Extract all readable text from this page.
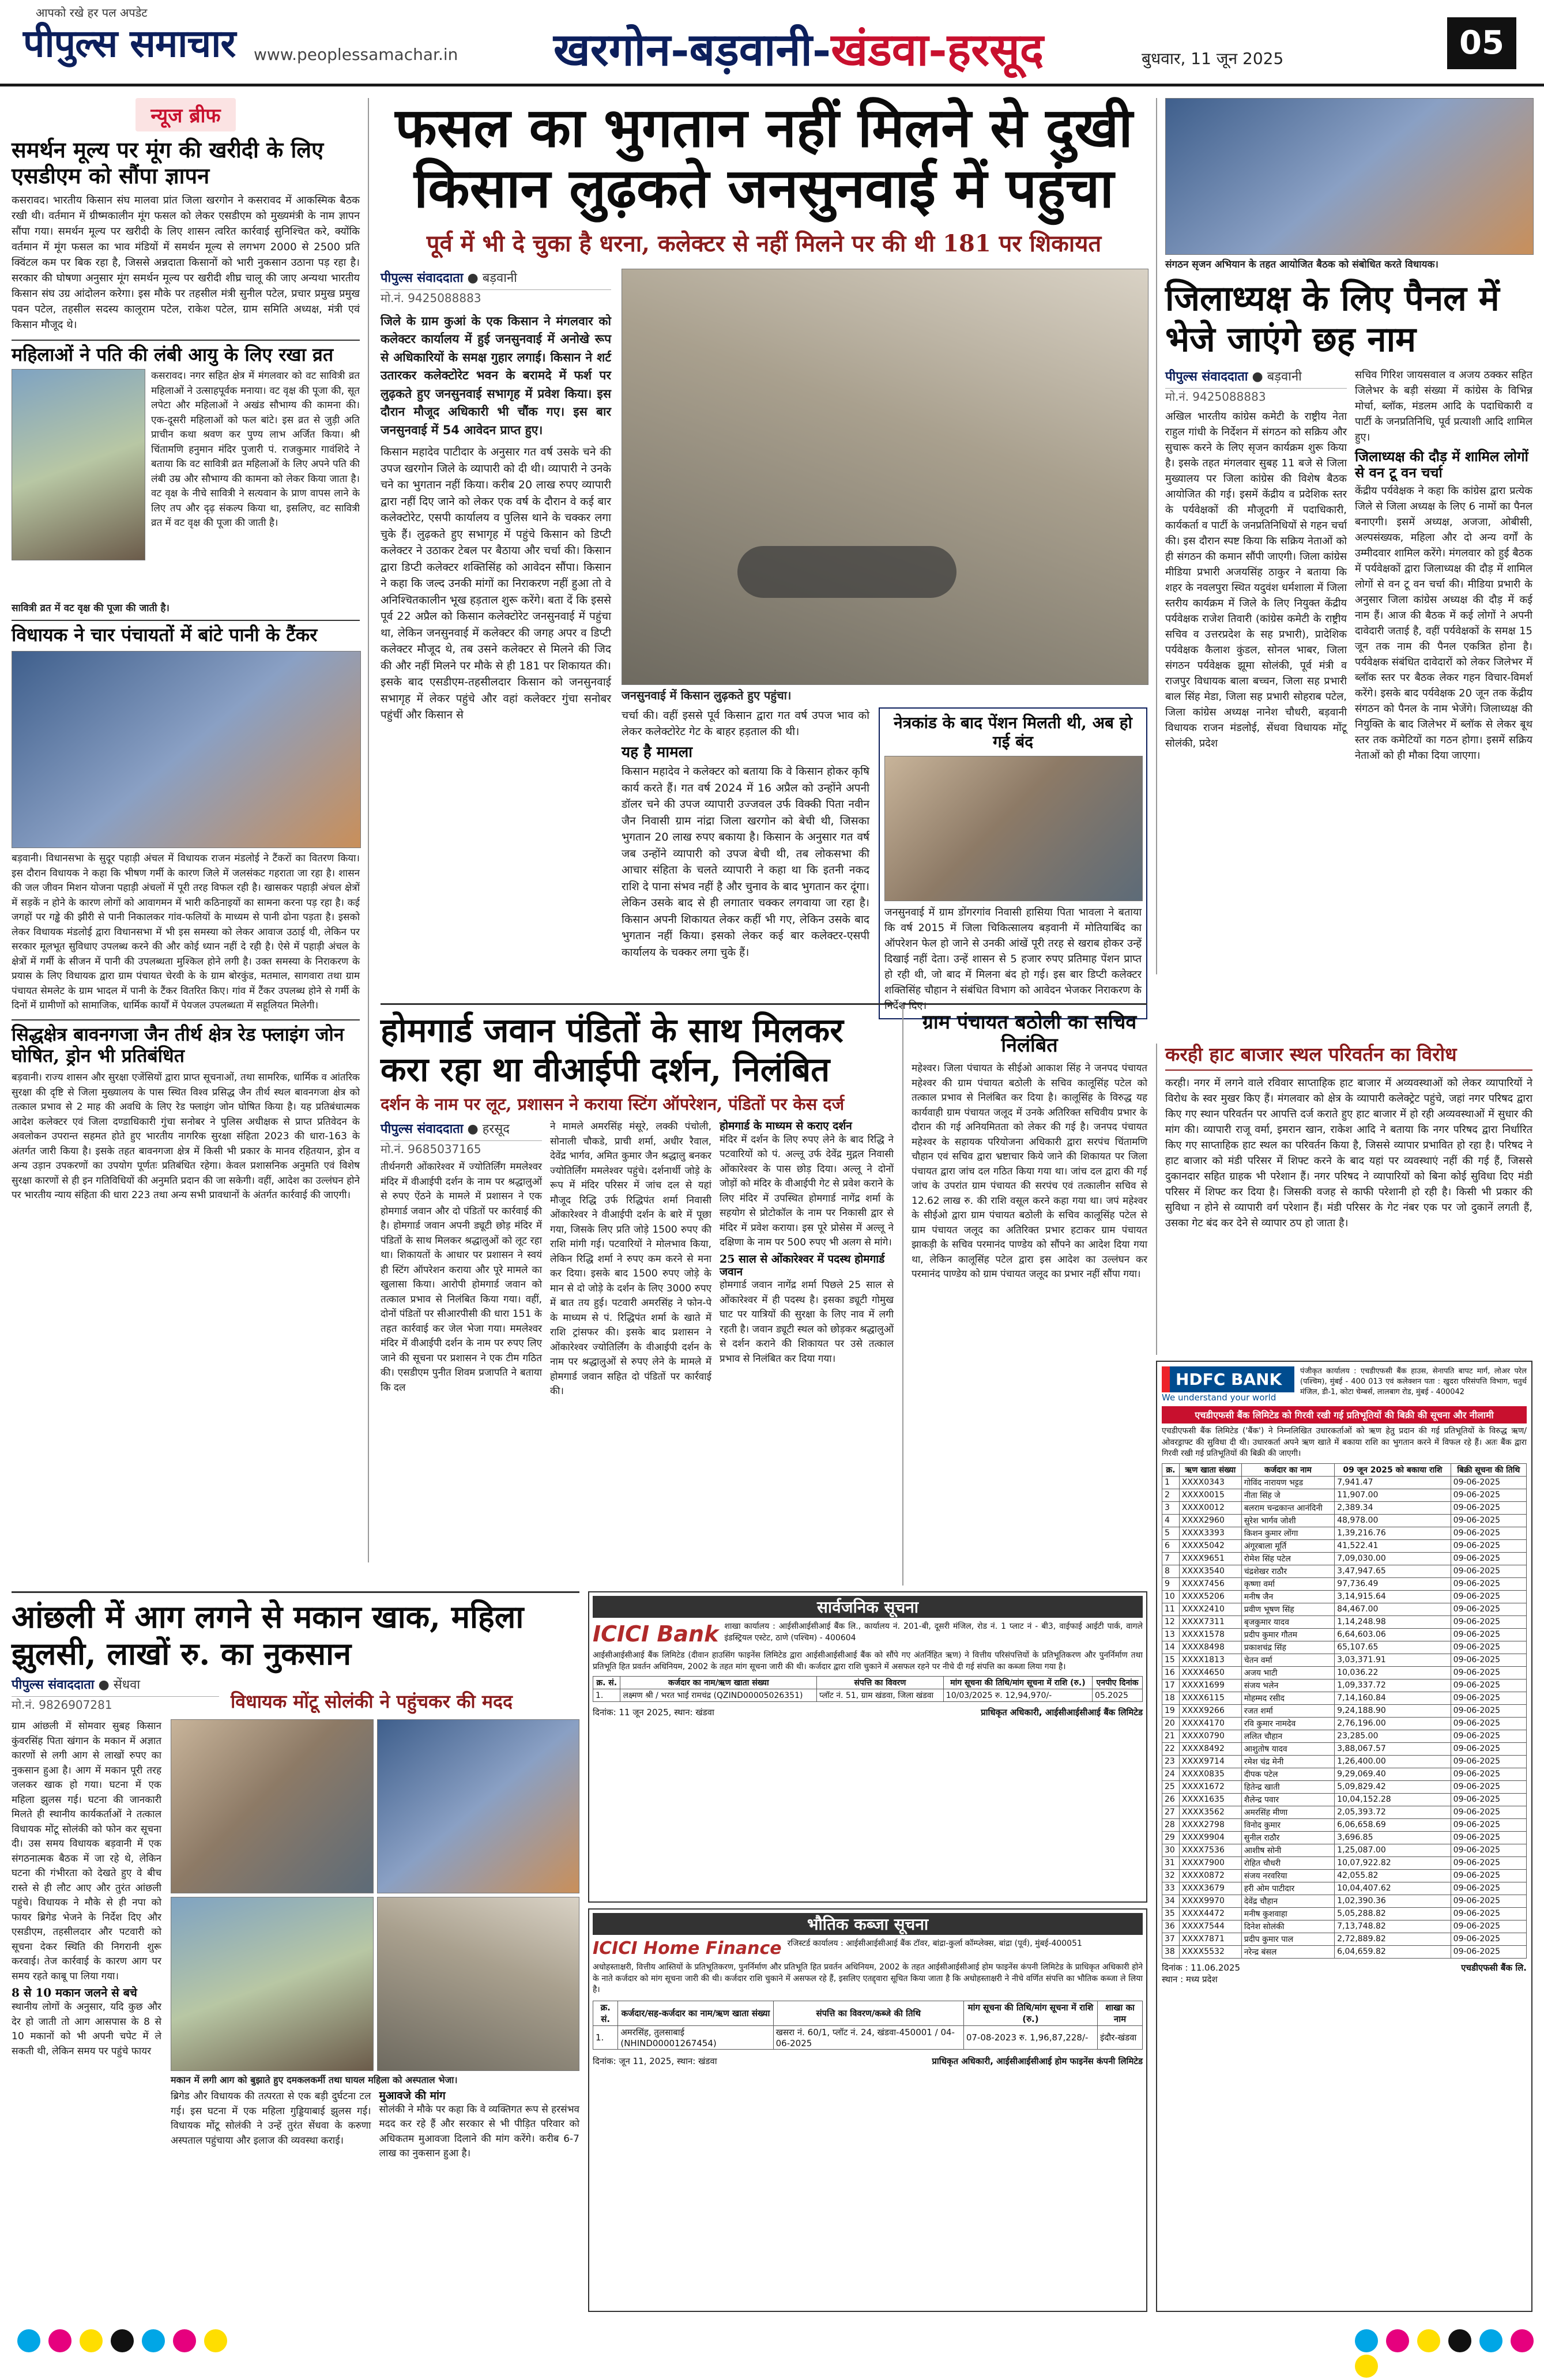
आपको रखे हर पल अपडेट
पीपुल्स समाचार www.peoplessamachar.in खरगोन-बड़वानी-खंडवा-हरसूद	बुधवार, 11 जून 2025	05
न्यूज ब्रीफ
समर्थन मूल्य पर मूंग की खरीदी के लिए एसडीएम को सौंपा ज्ञापन
कसरावद। भारतीय किसान संघ मालवा प्रांत जिला खरगोन ने कसरावद में आकस्मिक बैठक रखी थी। वर्तमान में ग्रीष्मकालीन मूंग फसल को लेकर एसडीएम को मुख्यमंत्री के नाम ज्ञापन सौंपा गया। समर्थन मूल्य पर खरीदी के लिए शासन त्वरित कार्रवाई सुनिश्चित करे, क्योंकि वर्तमान में मूंग फसल का भाव मंडियों में समर्थन मूल्य से लगभग 2000 से 2500 प्रति क्विंटल कम पर बिक रहा है, जिससे अन्नदाता किसानों को भारी नुकसान उठाना पड़ रहा है। सरकार की घोषणा अनुसार मूंग समर्थन मूल्य पर खरीदी शीघ्र चालू की जाए अन्यथा भारतीय किसान संघ उग्र आंदोलन करेगा। इस मौके पर तहसील मंत्री सुनील पटेल, प्रचार प्रमुख प्रमुख पवन पटेल, तहसील सदस्य कालूराम पटेल, राकेश पटेल, ग्राम समिति अध्यक्ष, मंत्री एवं किसान मौजूद थे।
महिलाओं ने पति की लंबी आयु के लिए रखा व्रत
कसरावद। नगर सहित क्षेत्र में मंगलवार को वट सावित्री व्रत महिलाओं ने उत्साहपूर्वक मनाया। वट वृक्ष की पूजा की, सूत लपेटा और महिलाओं ने अखंड सौभाग्य की कामना की। एक-दूसरी महिलाओं को फल बांटे। इस व्रत से जुड़ी अति प्राचीन कथा श्रवण कर पुण्य लाभ अर्जित किया। श्री चिंतामणि हनुमान मंदिर पुजारी पं. राजकुमार गावंशिदे ने बताया कि वट सावित्री व्रत महिलाओं के लिए अपने पति की लंबी उम्र और सौभाग्य की कामना को लेकर किया जाता है। वट वृक्ष के नीचे सावित्री ने सत्यवान के प्राण वापस लाने के लिए तप और दृढ़ संकल्प किया था, इसलिए, वट सावित्री व्रत में वट वृक्ष की पूजा की जाती है।
सावित्री व्रत में वट वृक्ष की पूजा की जाती है।
विधायक ने चार पंचायतों में बांटे पानी के टैंकर
बड़वानी। विधानसभा के सुदूर पहाड़ी अंचल में विधायक राजन मंडलोई ने टैंकरों का वितरण किया। इस दौरान विधायक ने कहा कि भीषण गर्मी के कारण जिले में जलसंकट गहराता जा रहा है। शासन की जल जीवन मिशन योजना पहाड़ी अंचलों में पूरी तरह विफल रही है। खासकर पहाड़ी अंचल क्षेत्रों में सड़कें न होने के कारण लोगों को आवागमन में भारी कठिनाइयों का सामना करना पड़ रहा है। कई जगहों पर गड्ढे की झीरी से पानी निकालकर गांव-फलियों के माध्यम से पानी ढोना पड़ता है। इसको लेकर विधायक मंडलोई द्वारा विधानसभा में भी इस समस्या को लेकर आवाज उठाई थी, लेकिन पर सरकार मूलभूत सुविधाए उपलब्ध करने की और कोई ध्यान नहीं दे रही है। ऐसे में पहाड़ी अंचल के क्षेत्रों में गर्मी के सीजन में पानी की उपलब्धता मुश्किल होने लगी है। उक्त समस्या के निराकरण के प्रयास के लिए विधायक द्वारा ग्राम पंचायत चेरवी के के ग्राम बोरकुंड, मतमाल, सागवारा तथा ग्राम पंचायत सेमलेट के ग्राम भादल में पानी के टैंकर वितरित किए। गांव में टैंकर उपलब्ध होने से गर्मी के दिनों में ग्रामीणों को सामाजिक, धार्मिक कार्यों में पेयजल उपलब्धता में सहूलियत मिलेगी।
सिद्धक्षेत्र बावनगजा जैन तीर्थ क्षेत्र रेड फ्लाइंग जोन घोषित, ड्रोन भी प्रतिबंधित
बड़वानी। राज्य शासन और सुरक्षा एजेंसियों द्वारा प्राप्त सूचनाओं, तथा सामरिक, धार्मिक व आंतरिक सुरक्षा की दृष्टि से जिला मुख्यालय के पास स्थित विश्व प्रसिद्ध जैन तीर्थ स्थल बावनगजा क्षेत्र को तत्काल प्रभाव से 2 माह की अवधि के लिए रेड फ्लाइंग जोन घोषित किया है। यह प्रतिबंधात्मक आदेश कलेक्टर एवं जिला दण्डाधिकारी गुंचा सनोबर ने पुलिस अधीक्षक से प्राप्त प्रतिवेदन के अवलोकन उपरान्त सहमत होते हुए भारतीय नागरिक सुरक्षा संहिता 2023 की धारा-163 के अंतर्गत जारी किया है। इसके तहत बावनगजा क्षेत्र में किसी भी प्रकार के मानव रहितयान, ड्रोन व अन्य उड़ान उपकरणों का उपयोग पूर्णतः प्रतिबंधित रहेगा। केवल प्रशासनिक अनुमति एवं विशेष सुरक्षा कारणों से ही इन गतिविधियों की अनुमति प्रदान की जा सकेगी। वहीं, आदेश का उल्लंघन होने पर भारतीय न्याय संहिता की धारा 223 तथा अन्य सभी प्रावधानों के अंतर्गत कार्रवाई की जाएगी।
फसल का भुगतान नहीं मिलने से दुखी किसान लुढ़कते जनसुनवाई में पहुंचा
पूर्व में भी दे चुका है धरना, कलेक्टर से नहीं मिलने पर की थी 181 पर शिकायत
पीपुल्स संवाददाता ● बड़वानी
मो.नं. 9425088883
जिले के ग्राम कुआं के एक किसान ने मंगलवार को कलेक्टर कार्यालय में हुई जनसुनवाई में अनोखे रूप से अधिकारियों के समक्ष गुहार लगाई। किसान ने शर्ट उतारकर कलेक्टोरेट भवन के बरामदे में फर्श पर लुढ़कते हुए जनसुनवाई सभागृह में प्रवेश किया। इस दौरान मौजूद अधिकारी भी चौंक गए। इस बार जनसुनवाई में 54 आवेदन प्राप्त हुए।
किसान महादेव पाटीदार के अनुसार गत वर्ष उसके चने की उपज खरगोन जिले के व्यापारी को दी थी। व्यापारी ने उनके चने का भुगतान नहीं किया। करीब 20 लाख रुपए व्यापारी द्वारा नहीं दिए जाने को लेकर एक वर्ष के दौरान वे कई बार कलेक्टोरेट, एसपी कार्यालय व पुलिस थाने के चक्कर लगा चुके हैं। लुढ़कते हुए सभागृह में पहुंचे किसान को डिप्टी कलेक्टर ने उठाकर टेबल पर बैठाया और चर्चा की। किसान द्वारा डिप्टी कलेक्टर शक्तिसिंह को आवेदन सौंपा। किसान ने कहा कि जल्द उनकी मांगों का निराकरण नहीं हुआ तो वे अनिश्चितकालीन भूख हड़ताल शुरू करेंगे। बता दें कि इससे पूर्व 22 अप्रैल को किसान कलेक्टोरेट जनसुनवाई में पहुंचा था, लेकिन जनसुनवाई में कलेक्टर की जगह अपर व डिप्टी कलेक्टर मौजूद थे, तब उसने कलेक्टर से मिलने की जिद की और नहीं मिलने पर मौके से ही 181 पर शिकायत की। इसके बाद एसडीएम-तहसीलदार किसान को जनसुनवाई सभागृह में लेकर पहुंचे और वहां कलेक्टर गुंचा सनोबर पहुंचीं और किसान से
जनसुनवाई में किसान लुढ़कते हुए पहुंचा।
चर्चा की। वहीं इससे पूर्व किसान द्वारा गत वर्ष उपज भाव को लेकर कलेक्टोरेट गेट के बाहर हड़ताल की थी।
यह है मामला
किसान महादेव ने कलेक्टर को बताया कि वे किसान होकर कृषि कार्य करते हैं। गत वर्ष 2024 में 16 अप्रैल को उन्होंने अपनी डॉलर चने की उपज व्यापारी उज्जवल उर्फ विक्की पिता नवीन जैन निवासी ग्राम नांद्रा जिला खरगोन को बेची थी, जिसका भुगतान 20 लाख रुपए बकाया है। किसान के अनुसार गत वर्ष जब उन्होंने व्यापारी को उपज बेची थी, तब लोकसभा की आचार संहिता के चलते व्यापारी ने कहा था कि इतनी नकद राशि दे पाना संभव नहीं है और चुनाव के बाद भुगतान कर दूंगा। लेकिन उसके बाद से ही लगातार चक्कर लगवाया जा रहा है। किसान अपनी शिकायत लेकर कहीं भी गए, लेकिन उसके बाद भुगतान नहीं किया। इसको लेकर कई बार कलेक्टर-एसपी कार्यालय के चक्कर लगा चुके हैं।
नेत्रकांड के बाद पेंशन मिलती थी, अब हो गई बंद
जनसुनवाई में ग्राम डोंगरगांव निवासी हासिया पिता भावला ने बताया कि वर्ष 2015 में जिला चिकित्सालय बड़वानी में मोतियाबिंद का ऑपरेशन फेल हो जाने से उनकी आंखें पूरी तरह से खराब होकर उन्हें दिखाई नहीं देता। उन्हें शासन से 5 हजार रुपए प्रतिमाह पेंशन प्राप्त हो रही थी, जो बाद में मिलना बंद हो गई। इस बार डिप्टी कलेक्टर शक्तिसिंह चौहान ने संबंधित विभाग को आवेदन भेजकर निराकरण के निर्देश दिए।
संगठन सृजन अभियान के तहत आयोजित बैठक को संबोधित करते विधायक।
जिलाध्यक्ष के लिए पैनल में भेजे जाएंगे छह नाम
पीपुल्स संवाददाता ● बड़वानी
मो.नं. 9425088883
अखिल भारतीय कांग्रेस कमेटी के राष्ट्रीय नेता राहुल गांधी के निर्देशन में संगठन को सक्रिय और सुचारू करने के लिए सृजन कार्यक्रम शुरू किया है। इसके तहत मंगलवार सुबह 11 बजे से जिला मुख्यालय पर जिला कांग्रेस की विशेष बैठक आयोजित की गई। इसमें केंद्रीय व प्रदेशिक स्तर के पर्यवेक्षकों की मौजूदगी में पदाधिकारी, कार्यकर्ता व पार्टी के जनप्रतिनिधियों से गहन चर्चा की। इस दौरान स्पष्ट किया कि सक्रिय नेताओं को ही संगठन की कमान सौंपी जाएगी। जिला कांग्रेस मीडिया प्रभारी अजयसिंह ठाकुर ने बताया कि शहर के नवलपुरा स्थित यदुवंश धर्मशाला में जिला स्तरीय कार्यक्रम में जिले के लिए नियुक्त केंद्रीय पर्यवेक्षक राजेश तिवारी (कांग्रेस कमेटी के राष्ट्रीय सचिव व उत्तरप्रदेश के सह प्रभारी), प्रादेशिक पर्यवेक्षक कैलाश कुंडल, सोनल भाबर, जिला संगठन पर्यवेक्षक झूमा सोलंकी, पूर्व मंत्री व राजपुर विधायक बाला बच्चन, जिला सह प्रभारी बाल सिंह मेडा, जिला सह प्रभारी सोहराब पटेल, जिला कांग्रेस अध्यक्ष नानेश चौधरी, बड़वानी विधायक राजन मंडलोई, सेंधवा विधायक मोंटू सोलंकी, प्रदेश
सचिव गिरिश जायसवाल व अजय ठक्कर सहित जिलेभर के बड़ी संख्या में कांग्रेस के विभिन्न मोर्चा, ब्लॉक, मंडलम आदि के पदाधिकारी व पार्टी के जनप्रतिनिधि, पूर्व प्रत्याशी आदि शामिल हुए।
जिलाध्यक्ष की दौड़ में शामिल लोगों से वन टू वन चर्चा
केंद्रीय पर्यवेक्षक ने कहा कि कांग्रेस द्वारा प्रत्येक जिले से जिला अध्यक्ष के लिए 6 नामों का पैनल बनाएगी। इसमें अध्यक्ष, अजजा, ओबीसी, अल्पसंख्यक, महिला और दो अन्य वर्गों के उम्मीदवार शामिल करेंगे। मंगलवार को हुई बैठक में पर्यवेक्षकों द्वारा जिलाध्यक्ष की दौड़ में शामिल लोगों से वन टू वन चर्चा की। मीडिया प्रभारी के अनुसार जिला कांग्रेस अध्यक्ष की दौड़ में कई नाम हैं। आज की बैठक में कई लोगों ने अपनी दावेदारी जताई है, वहीं पर्यवेक्षकों के समक्ष 15 जून तक नाम की पैनल एकत्रित होना है। पर्यवेक्षक संबंधित दावेदारों को लेकर जिलेभर में ब्लॉक स्तर पर बैठक लेकर गहन विचार-विमर्श करेंगे। इसके बाद पर्यवेक्षक 20 जून तक केंद्रीय संगठन को पैनल के नाम भेजेंगे। जिलाध्यक्ष की नियुक्ति के बाद जिलेभर में ब्लॉक से लेकर बूथ स्तर तक कमेटियों का गठन होगा। इसमें सक्रिय नेताओं को ही मौका दिया जाएगा।
होमगार्ड जवान पंडितों के साथ मिलकर करा रहा था वीआईपी दर्शन, निलंबित
दर्शन के नाम पर लूट, प्रशासन ने कराया स्टिंग ऑपरेशन, पंडितों पर केस दर्ज
पीपुल्स संवाददाता ● हरसूद
मो.नं. 9685037165
तीर्थनगरी ओंकारेश्वर में ज्योतिर्लिंग ममलेश्वर मंदिर में वीआईपी दर्शन के नाम पर श्रद्धालुओं से रुपए ऐंठने के मामले में प्रशासन ने एक होमगार्ड जवान और दो पंडितों पर कार्रवाई की है। होमगार्ड जवान अपनी ड्यूटी छोड़ मंदिर में पंडितों के साथ मिलकर श्रद्धालुओं को लूट रहा था। शिकायतों के आधार पर प्रशासन ने स्वयं ही स्टिंग ऑपरेशन कराया और पूरे मामले का खुलासा किया। आरोपी होमगार्ड जवान को तत्काल प्रभाव से निलंबित किया गया। वहीं, दोनों पंडितों पर सीआरपीसी की धारा 151 के तहत कार्रवाई कर जेल भेजा गया। ममलेश्वर मंदिर में वीआईपी दर्शन के नाम पर रुपए लिए जाने की सूचना पर प्रशासन ने एक टीम गठित की। एसडीएम पुनीत शिवम प्रजापति ने बताया कि दल
ने मामले अमरसिंह मंसूरे, लक्की पंचोली, सोनाली चौकडे, प्राची शर्मा, अधीर रैवाल, देवेंद्र भार्गव, अमित कुमार जैन श्रद्धालु बनकर ज्योतिर्लिंग ममलेश्वर पहुंचे। दर्शनार्थी जोड़े के रूप में मंदिर परिसर में जांच दल से यहां मौजूद रिद्धि उर्फ रिद्धिपंत शर्मा निवासी ओंकारेश्वर ने वीआईपी दर्शन के बारे में पूछा गया, जिसके लिए प्रति जोड़े 1500 रुपए की राशि मांगी गई। पटवारियों ने मोलभाव किया, लेकिन रिद्धि शर्मा ने रुपए कम करने से मना कर दिया। इसके बाद 1500 रुपए जोड़े के मान से दो जोड़े के दर्शन के लिए 3000 रुपए में बात तय हुई। पटवारी अमरसिंह ने फोन-पे के माध्यम से पं. रिद्धिपंत शर्मा के खाते में राशि ट्रांसफर की। इसके बाद प्रशासन ने ओंकारेश्वर ज्योतिर्लिंग के वीआईपी दर्शन के नाम पर श्रद्धालुओं से रुपए लेने के मामले में होमगार्ड जवान सहित दो पंडितों पर कार्रवाई की।
होमगार्ड के माध्यम से कराए दर्शन
मंदिर में दर्शन के लिए रुपए लेने के बाद रिद्धि ने पटवारियों को पं. अल्लू उर्फ देवेंद्र मुद्गल निवासी ओंकारेश्वर के पास छोड़ दिया। अल्लू ने दोनों जोड़ों को मंदिर के वीआईपी गेट से प्रवेश कराने के लिए मंदिर में उपस्थित होमगार्ड नागेंद्र शर्मा के सहयोग से प्रोटोकॉल के नाम पर निकासी द्वार से मंदिर में प्रवेश कराया। इस पूरे प्रोसेस में अल्लू ने दक्षिणा के नाम पर 500 रुपए भी अलग से मांगे।
25 साल से ओंकारेश्वर में पदस्थ होमगार्ड जवान
होमगार्ड जवान नागेंद्र शर्मा पिछले 25 साल से ओंकारेश्वर में ही पदस्थ है। इसका ड्यूटी गोमुख घाट पर यात्रियों की सुरक्षा के लिए नाव में लगी रहती है। जवान ड्यूटी स्थल को छोड़कर श्रद्धालुओं से दर्शन कराने की शिकायत पर उसे तत्काल प्रभाव से निलंबित कर दिया गया।
ग्राम पंचायत बठोली का सचिव निलंबित
महेश्वर। जिला पंचायत के सीईओ आकाश सिंह ने जनपद पंचायत महेश्वर की ग्राम पंचायत बठोली के सचिव कालूसिंह पटेल को तत्काल प्रभाव से निलंबित कर दिया है। कालूसिंह के विरुद्ध यह कार्यवाही ग्राम पंचायत जलूद में उनके अतिरिक्त सचिवीय प्रभार के दौरान की गई अनियमितता को लेकर की गई है। जनपद पंचायत महेश्वर के सहायक परियोजना अधिकारी द्वारा सरपंच चिंतामणि चौहान एवं सचिव द्वारा भ्रष्टाचार किये जाने की शिकायत पर जिला पंचायत द्वारा जांच दल गठित किया गया था। जांच दल द्वारा की गई जांच के उपरांत ग्राम पंचायत की सरपंच एवं तत्कालीन सचिव से 12.62 लाख रु. की राशि वसूल करने कहा गया था। जपं महेश्वर के सीईओ द्वारा ग्राम पंचायत बठोली के सचिव कालूसिंह पटेल से ग्राम पंचायत जलूद का अतिरिक्त प्रभार हटाकर ग्राम पंचायत झाकड़ी के सचिव परमानंद पाण्डेय को सौंपने का आदेश दिया गया था, लेकिन कालूसिंह पटेल द्वारा इस आदेश का उल्लंघन कर परमानंद पाण्डेय को ग्राम पंचायत जलूद का प्रभार नहीं सौंपा गया।
करही हाट बाजार स्थल परिवर्तन का विरोध
करही। नगर में लगने वाले रविवार साप्ताहिक हाट बाजार में अव्यवस्थाओं को लेकर व्यापारियों ने विरोध के स्वर मुखर किए हैं। मंगलवार को क्षेत्र के व्यापारी कलेक्ट्रेट पहुंचे, जहां नगर परिषद द्वारा किए गए स्थान परिवर्तन पर आपत्ति दर्ज कराते हुए हाट बाजार में हो रही अव्यवस्थाओं में सुधार की मांग की। व्यापारी राजू वर्मा, इमरान खान, राकेश आदि ने बताया कि नगर परिषद द्वारा निर्धारित किए गए साप्ताहिक हाट स्थल का परिवर्तन किया है, जिससे व्यापार प्रभावित हो रहा है। परिषद ने हाट बाजार को मंडी परिसर में शिफ्ट करने के बाद यहां पर व्यवस्थाएं नहीं की गई हैं, जिससे दुकानदार सहित ग्राहक भी परेशान हैं। नगर परिषद ने व्यापारियों को बिना कोई सुविधा दिए मंडी परिसर में शिफ्ट कर दिया है। जिसकी वजह से काफी परेशानी हो रही है। किसी भी प्रकार की सुविधा न होने से व्यापारी वर्ग परेशान हैं। मंडी परिसर के गेट नंबर एक पर जो दुकानें लगती हैं, उसका गेट बंद कर देने से व्यापार ठप हो जाता है।
HDFC BANK
We understand your world
पंजीकृत कार्यालय : एचडीएफसी बैंक हाउस, सेनापति बापट मार्ग, लोअर परेल (पश्चिम), मुंबई - 400 013 एवं कलेक्शन पता : खुदरा परिसंपत्ति विभाग, चतुर्थ मंजिल, डी-1, कोटा चेम्बर्स, लालबाग रोड, मुंबई - 400042
एचडीएफसी बैंक लिमिटेड को गिरवी रखी गई प्रतिभूतियों की बिक्री की सूचना और नीलामी
एचडीएफसी बैंक लिमिटेड ('बैंक') ने निम्नलिखित उधारकर्ताओं को ऋण हेतु प्रदान की गई प्रतिभूतियों के विरुद्ध ऋण/ओवरड्राफ्ट की सुविधा दी थी। उधारकर्ता अपने ऋण खाते में बकाया राशि का भुगतान करने में विफल रहे हैं। अतः बैंक द्वारा गिरवी रखी गई प्रतिभूतियों की बिक्री की जाएगी।
क्र.	ऋण खाता संख्या	कर्जदार का नाम	09 जून 2025 को बकाया राशि	बिक्री सूचना की तिथि
1	XXXX0343	गोविंद नारायण भट्टड	7,941.47	09-06-2025
2	XXXX0015	नीता सिंह जे	11,907.00	09-06-2025
3	XXXX0012	बलराम चन्द्रकान्त आनंदिनी	2,389.34	09-06-2025
4	XXXX2960	सुरेश भार्गव जोशी	48,978.00	09-06-2025
5	XXXX3393	किशन कुमार लोंगा	1,39,216.76	09-06-2025
6	XXXX5042	अंगूरबाला मूर्ति	41,522.41	09-06-2025
7	XXXX9651	रोमेश सिंह पटेल	7,09,030.00	09-06-2025
8	XXXX3540	चंद्रशेखर राठौर	3,47,947.65	09-06-2025
9	XXXX7456	कृष्णा वर्मा	97,736.49	09-06-2025
10	XXXX5206	मनीष जैन	3,14,915.64	09-06-2025
11	XXXX2410	प्रवीण भूषण सिंह	84,467.00	09-06-2025
12	XXXX7311	बृजकुमार यादव	1,14,248.98	09-06-2025
13	XXXX1578	प्रदीप कुमार गौतम	6,64,603.06	09-06-2025
14	XXXX8498	प्रकाशचंद्र सिंह	65,107.65	09-06-2025
15	XXXX1813	चेतन वर्मा	3,03,371.91	09-06-2025
16	XXXX4650	अजय भाटी	10,036.22	09-06-2025
17	XXXX1699	संजय भलेन	1,09,337.72	09-06-2025
18	XXXX6115	मोहम्मद रसीद	7,14,160.84	09-06-2025
19	XXXX9266	रजत शर्मा	9,24,188.90	09-06-2025
20	XXXX4170	रवि कुमार नामदेव	2,76,196.00	09-06-2025
21	XXXX0790	ललित चौहान	23,285.00	09-06-2025
22	XXXX8492	आशुतोष यादव	3,88,067.57	09-06-2025
23	XXXX9714	रमेश चंद्र मेनी	1,26,400.00	09-06-2025
24	XXXX0835	दीपक पटेल	9,29,069.40	09-06-2025
25	XXXX1672	हितेन्द्र खाती	5,09,829.42	09-06-2025
26	XXXX1635	शैलेन्द्र पवार	10,04,152.28	09-06-2025
27	XXXX3562	अमरसिंह मीणा	2,05,393.72	09-06-2025
28	XXXX2798	विनोद कुमार	6,06,658.69	09-06-2025
29	XXXX9904	सुनील राठौर	3,696.85	09-06-2025
30	XXXX7536	आशीष सोनी	1,25,087.00	09-06-2025
31	XXXX7900	रोहित चौधरी	10,07,922.82	09-06-2025
32	XXXX0872	संजय नरवरिया	42,055.82	09-06-2025
33	XXXX3679	हरी ओम पाटीदार	10,04,407.62	09-06-2025
34	XXXX9970	देवेंद्र चौहान	1,02,390.36	09-06-2025
35	XXXX4472	मनीष कुशवाहा	5,05,288.82	09-06-2025
36	XXXX7544	दिनेश सोलंकी	7,13,748.82	09-06-2025
37	XXXX7871	प्रदीप कुमार पाल	2,72,889.82	09-06-2025
38	XXXX5532	नरेन्द्र बंसल	6,04,659.82	09-06-2025
दिनांक : 11.06.2025
स्थान : मध्य प्रदेश
एचडीएफसी बैंक लि.
आंछली में आग लगने से मकान खाक, महिला झुलसी, लाखों रु. का नुकसान
पीपुल्स संवाददाता ● सेंधवा
मो.नं. 9826907281	विधायक मोंटू सोलंकी ने पहुंचकर की मदद
ग्राम आंछली में सोमवार सुबह किसान कुंवरसिंह पिता खंगान के मकान में अज्ञात कारणों से लगी आग से लाखों रुपए का नुकसान हुआ है। आग में मकान पूरी तरह जलकर खाक हो गया। घटना में एक महिला झुलस गई। घटना की जानकारी मिलते ही स्थानीय कार्यकर्ताओं ने तत्काल विधायक मोंटू सोलंकी को फोन कर सूचना दी। उस समय विधायक बड़वानी में एक संगठनात्मक बैठक में जा रहे थे, लेकिन घटना की गंभीरता को देखते हुए वे बीच रास्ते से ही लौट आए और तुरंत आंछली पहुंचे। विधायक ने मौके से ही नपा को फायर ब्रिगेड भेजने के निर्देश दिए और एसडीएम, तहसीलदार और पटवारी को सूचना देकर स्थिति की निगरानी शुरू करवाई। तेज कार्रवाई के कारण आग पर समय रहते काबू पा लिया गया।
8 से 10 मकान जलने से बचे
स्थानीय लोगों के अनुसार, यदि कुछ और देर हो जाती तो आग आसपास के 8 से 10 मकानों को भी अपनी चपेट में ले सकती थी, लेकिन समय पर पहुंचे फायर
मकान में लगी आग को बुझाते हुए दमकलकर्मी तथा घायल महिला को अस्पताल भेजा।
ब्रिगेड और विधायक की तत्परता से एक बड़ी दुर्घटना टल गई। इस घटना में एक महिला गुड्डियाबाई झुलस गई। विधायक मोंटू सोलंकी ने उन्हें तुरंत सेंधवा के करुणा अस्पताल पहुंचाया और इलाज की व्यवस्था कराई।
मुआवजे की मांग
सोलंकी ने मौके पर कहा कि वे व्यक्तिगत रूप से हरसंभव मदद कर रहे हैं और सरकार से भी पीड़ित परिवार को अधिकतम मुआवजा दिलाने की मांग करेंगे। करीब 6-7 लाख का नुकसान हुआ है।
सार्वजनिक सूचना
ICICI Bank शाखा कार्यालय : आईसीआईसीआई बैंक लि., कार्यालय नं. 201-बी, दूसरी मंजिल, रोड नं. 1 प्लाट नं - बी3, वाईफाई आईटी पार्क, वागले इंडस्ट्रियल एस्टेट, ठाणे (पश्चिम) - 400604
आईसीआईसीआई बैंक लिमिटेड (दीवान हाउसिंग फाइनेंस लिमिटेड द्वारा आईसीआईसीआई बैंक को सौंपे गए अंतर्निहित ऋण) ने वित्तीय परिसंपत्तियों के प्रतिभूतिकरण और पुनर्निर्माण तथा प्रतिभूति हित प्रवर्तन अधिनियम, 2002 के तहत मांग सूचना जारी की थी। कर्जदार द्वारा राशि चुकाने में असफल रहने पर नीचे दी गई संपत्ति का कब्जा लिया गया है।
क्र. सं.	कर्जदार का नाम/ऋण खाता संख्या	संपत्ति का विवरण	मांग सूचना की तिथि/मांग सूचना में राशि (रु.)	एनपीए दिनांक
1.	लक्ष्मण श्री / भरत भाई रामचंद्र (QZIND00005026351)	प्लॉट नं. 51, ग्राम खंडवा, जिला खंडवा	10/03/2025 रु. 12,94,970/-	05.2025
दिनांक: 11 जून 2025, स्थान: खंडवा	प्राधिकृत अधिकारी, आईसीआईसीआई बैंक लिमिटेड
भौतिक कब्जा सूचना
ICICI Home Finance रजिस्टर्ड कार्यालय : आईसीआईसीआई बैंक टॉवर, बांद्रा-कुर्ला कॉम्प्लेक्स, बांद्रा (पूर्व), मुंबई-400051
अधोहस्ताक्षरी, वित्तीय आस्तियों के प्रतिभूतिकरण, पुनर्निर्माण और प्रतिभूति हित प्रवर्तन अधिनियम, 2002 के तहत आईसीआईसीआई होम फाइनेंस कंपनी लिमिटेड के प्राधिकृत अधिकारी होने के नाते कर्जदार को मांग सूचना जारी की थी। कर्जदार राशि चुकाने में असफल रहे हैं, इसलिए एतद्द्वारा सूचित किया जाता है कि अधोहस्ताक्षरी ने नीचे वर्णित संपत्ति का भौतिक कब्जा ले लिया है।
क्र. सं.	कर्जदार/सह-कर्जदार का नाम/ऋण खाता संख्या	संपत्ति का विवरण/कब्जे की तिथि	मांग सूचना की तिथि/मांग सूचना में राशि (रु.)	शाखा का नाम
1.	अमरसिंह, तुलसाबाई (NHIND00001267454)	खसरा नं. 60/1, प्लॉट नं. 24, खंडवा-450001 / 04-06-2025	07-08-2023 रु. 1,96,87,228/-	इंदौर-खंडवा
दिनांक: जून 11, 2025, स्थान: खंडवा	प्राधिकृत अधिकारी, आईसीआईसीआई होम फाइनेंस कंपनी लिमिटेड
